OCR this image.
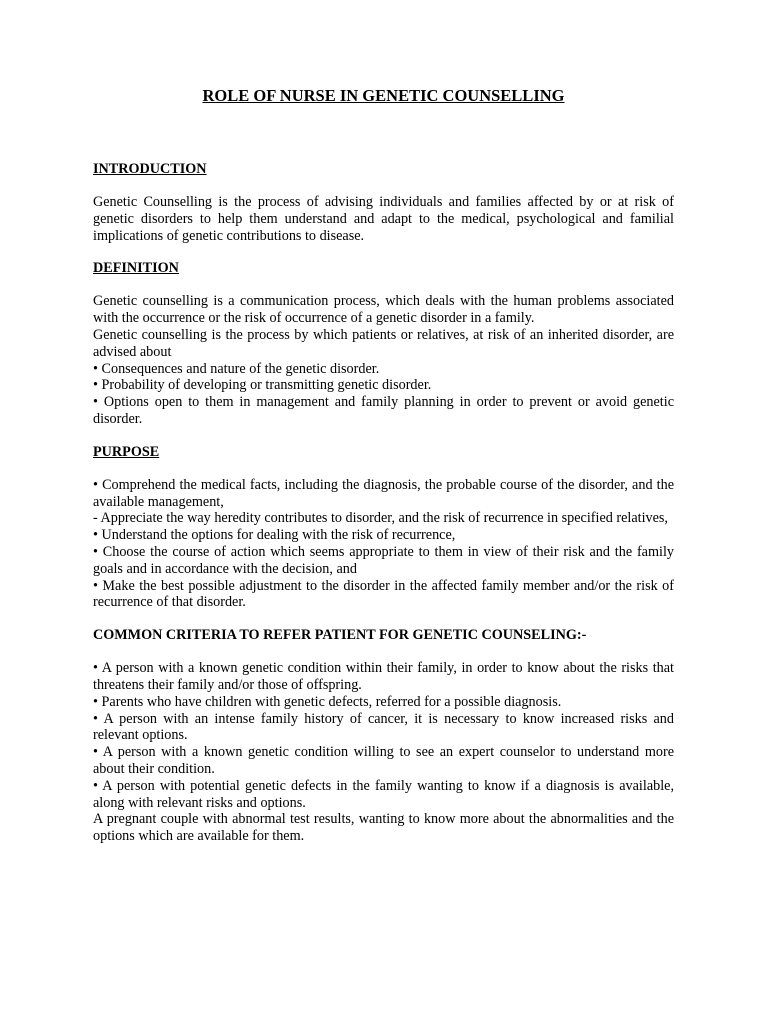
ROLE OF NURSE IN GENETIC COUNSELLING
INTRODUCTION

Genetic Counselling is the process of advising individuals and families affected by or at risk of genetic disorders to help them understand and adapt to the medical, psychological and familial implications of genetic contributions to disease.

DEFINITION

Genetic counselling is a communication process, which deals with the human problems associated with the occurrence or the risk of occurrence of a genetic disorder in a family.

Genetic counselling is the process by which patients or relatives, at risk of an inherited disorder, are advised about

• Consequences and nature of the genetic disorder.

• Probability of developing or transmitting genetic disorder.

• Options open to them in management and family planning in order to prevent or avoid genetic disorder.

PURPOSE

• Comprehend the medical facts, including the diagnosis, the probable course of the disorder, and the available management,

- Appreciate the way heredity contributes to disorder, and the risk of recurrence in specified relatives,

• Understand the options for dealing with the risk of recurrence,

• Choose the course of action which seems appropriate to them in view of their risk and the family goals and in accordance with the decision, and

• Make the best possible adjustment to the disorder in the affected family member and/or the risk of recurrence of that disorder.

COMMON CRITERIA TO REFER PATIENT FOR GENETIC COUNSELING:-

• A person with a known genetic condition within their family, in order to know about the risks that threatens their family and/or those of offspring.

• Parents who have children with genetic defects, referred for a possible diagnosis.

• A person with an intense family history of cancer, it is necessary to know increased risks and relevant options.

• A person with a known genetic condition willing to see an expert counselor to understand more about their condition.

• A person with potential genetic defects in the family wanting to know if a diagnosis is available, along with relevant risks and options.

A pregnant couple with abnormal test results, wanting to know more about the abnormalities and the options which are available for them.
